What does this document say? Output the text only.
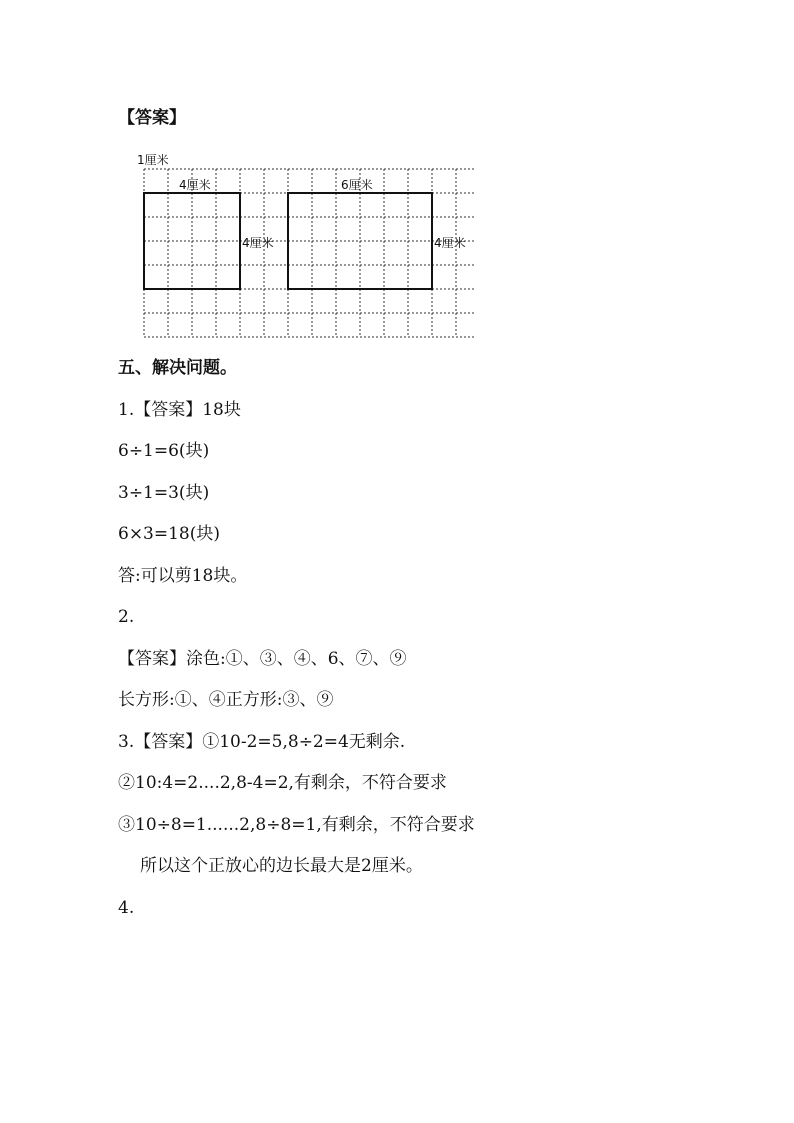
【答案】
1厘米
4厘米
4厘米
6厘米
4厘米
五、解决问题。
1.【答案】18块
6÷1=6(块)
3÷1=3(块)
6×3=18(块)
答:可以剪18块。
2.
【答案】涂色:①、③、④、6、⑦、⑨
长方形:①、④正方形:③、⑨
3.【答案】①10-2=5,8÷2=4无剩余.
②10:4=2....2,8-4=2,有剩余，不符合要求
③10÷8=1......2,8÷8=1,有剩余，不符合要求
所以这个正放心的边长最大是2厘米。
4.
